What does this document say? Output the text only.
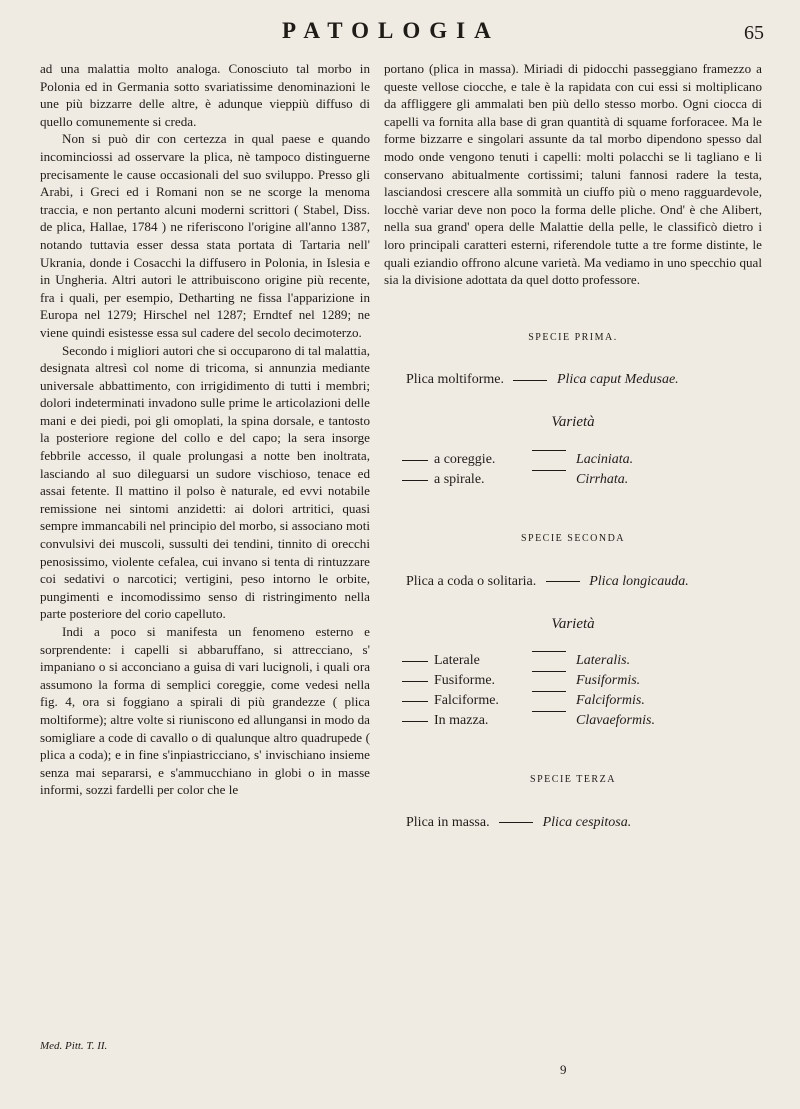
PATOLOGIA	65

ad una malattia molto analoga. Conosciuto tal morbo in Polonia ed in Germania sotto svariatissime denominazioni le une più bizzarre delle altre, è adunque vieppiù diffuso di quello comunemente si creda.

Non si può dir con certezza in qual paese e quando incominciossi ad osservare la plica, nè tampoco distinguerne precisamente le cause occasionali del suo sviluppo. Presso gli Arabi, i Greci ed i Romani non se ne scorge la menoma traccia, e non pertanto alcuni moderni scrittori ( Stabel, Diss. de plica, Hallae, 1784 ) ne riferiscono l'origine all'anno 1387, notando tuttavia esser dessa stata portata di Tartaria nell' Ukrania, donde i Cosacchi la diffusero in Polonia, in Islesia e in Ungheria. Altri autori le attribuiscono origine più recente, fra i quali, per esempio, Detharting ne fissa l'apparizione in Europa nel 1279; Hirschel nel 1287; Erndtef nel 1289; ne viene quindi esistesse essa sul cadere del secolo decimoterzo.

Secondo i migliori autori che si occuparono di tal malattia, designata altresì col nome di tricoma, si annunzia mediante universale abbattimento, con irrigidimento di tutti i membri; dolori indeterminati invadono sulle prime le articolazioni delle mani e dei piedi, poi gli omoplati, la spina dorsale, e tantosto la posteriore regione del collo e del capo; la sera insorge febbrile accesso, il quale prolungasi a notte ben inoltrata, lasciando al suo dileguarsi un sudore vischioso, tenace ed assai fetente. Il mattino il polso è naturale, ed evvi notabile remissione nei sintomi anzidetti: ai dolori artritici, quasi sempre immancabili nel principio del morbo, si associano moti convulsivi dei muscoli, sussulti dei tendini, tinnito di orecchi penosissimo, violente cefalea, cui invano si tenta di rintuzzare coi sedativi o narcotici; vertigini, peso intorno le orbite, pungimenti e incomodissimo senso di ristringimento nella parte posteriore del corio capelluto.

Indi a poco si manifesta un fenomeno esterno e sorprendente: i capelli si abbaruffano, si attrecciano, s' impaniano o si acconciano a guisa di vari lucignoli, i quali ora assumono la forma di semplici coreggie, come vedesi nella fig. 4, ora si foggiano a spirali di più grandezze ( plica moltiforme); altre volte si riuniscono ed allungansi in modo da somigliare a code di cavallo o di qualunque altro quadrupede ( plica a coda); e in fine s'inpiastricciano, s' invischiano insieme senza mai separarsi, e s'ammucchiano in globi o in masse informi, sozzi fardelli per color che le

Med. Pitt. T. II.

portano (plica in massa). Miriadi di pidocchi passeggiano framezzo a queste vellose ciocche, e tale è la rapidata con cui essi si moltiplicano da affliggere gli ammalati ben più dello stesso morbo. Ogni ciocca di capelli va fornita alla base di gran quantità di squame forforacee. Ma le forme bizzarre e singolari assunte da tal morbo dipendono spesso dal modo onde vengono tenuti i capelli: molti polacchi se li tagliano e li conservano abitualmente cortissimi; taluni fannosi radere la testa, lasciandosi crescere alla sommità un ciuffo più o meno ragguardevole, locchè variar deve non poco la forma delle pliche. Ond' è che Alibert, nella sua grand' opera delle Malattie della pelle, le classificò dietro i loro principali caratteri esterni, riferendole tutte a tre forme distinte, le quali eziandio offrono alcune varietà. Ma vediamo in uno specchio qual sia la divisione adottata da quel dotto professore.

SPECIE PRIMA.

Plica moltiforme.	Plica caput Medusae.

Varietà
a coreggie.	Laciniata.
a spirale.	Cirrhata.
SPECIE SECONDA

Plica a coda o solitaria.	Plica longicauda.

Varietà
Laterale	Lateralis.
Fusiforme.	Fusiformis.
Falciforme.	Falciformis.
In mazza.	Clavaeformis.
SPECIE TERZA

Plica in massa.	Plica cespitosa.

9
